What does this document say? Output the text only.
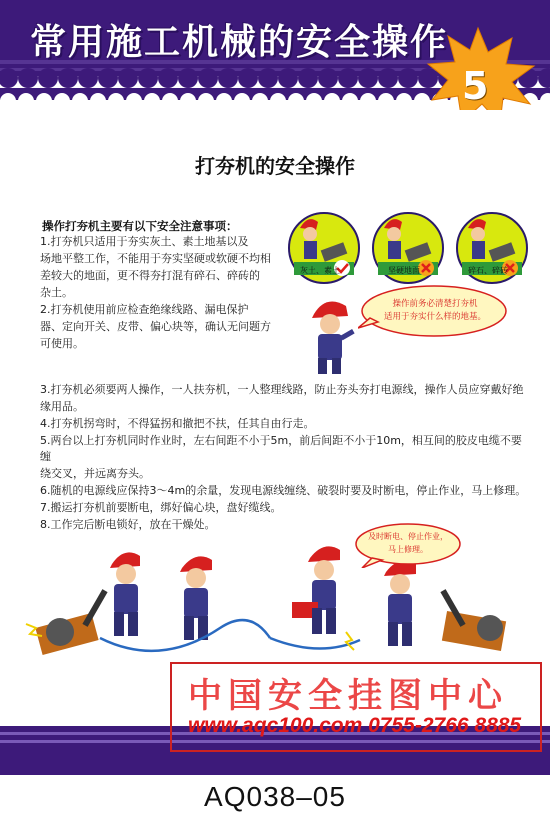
常用施工机械的安全操作
5
打夯机的安全操作
操作打夯机主要有以下安全注意事项：

1.打夯机只适用于夯实灰土、素土地基以及

场地平整工作，不能用于夯实坚硬或软硬不均相

差较大的地面，更不得夯打混有碎石、碎砖的

杂土。

2.打夯机使用前应检查绝缘线路、漏电保护

器、定向开关、皮带、偏心块等，确认无问题方

可使用。

灰土、素土	坚硬地面	碎石、碎砖
操作前务必清楚打夯机
适用于夯实什么样的地基。

3.打夯机必须要两人操作，一人扶夯机，一人整理线路，防止夯头夯打电源线，操作人员应穿戴好绝

缘用品。

4.打夯机拐弯时，不得猛拐和撤把不扶，任其自由行走。

5.两台以上打夯机同时作业时，左右间距不小于5m，前后间距不小于10m，相互间的胶皮电缆不要缠

绕交叉，并远离夯头。

6.随机的电源线应保持3～4m的余量，发现电源线缠绕、破裂时要及时断电，停止作业，马上修理。

7.搬运打夯机前要断电，绑好偏心块，盘好缆线。

8.工作完后断电锁好，放在干燥处。

及时断电、停止作业，
马上修理。
中国安全挂图中心
www.aqc100.com 0755-2766 8885
AQ038–05
